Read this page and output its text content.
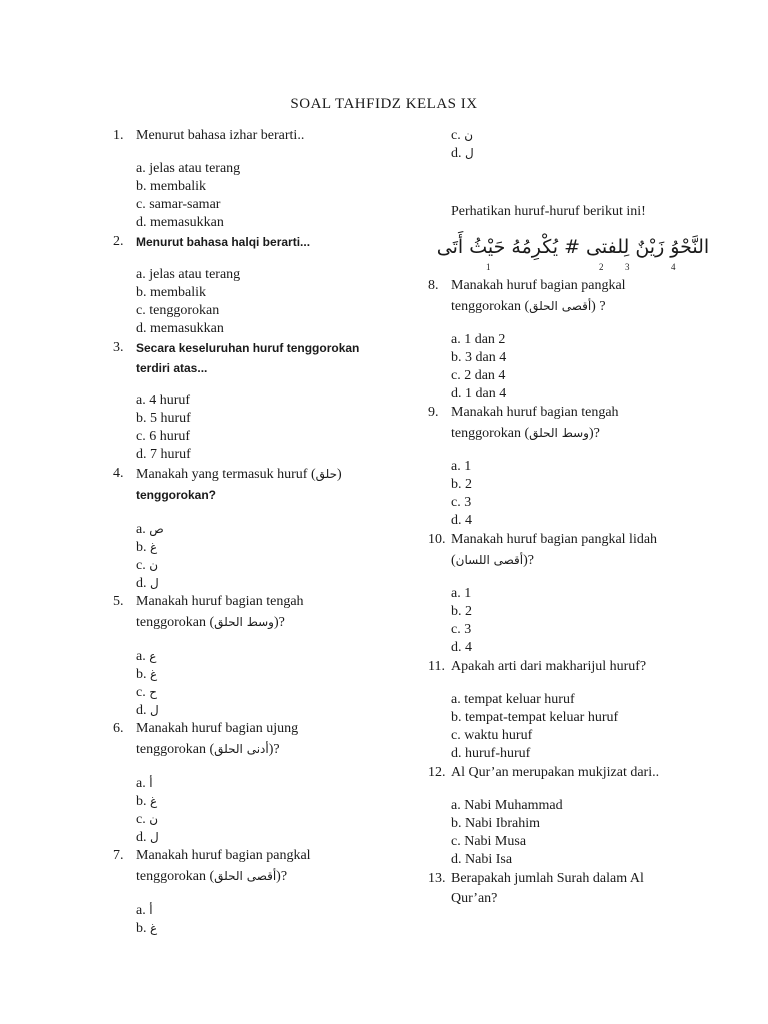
SOAL TAHFIDZ KELAS IX
1. Menurut bahasa izhar berarti..
a. jelas atau terang
b. membalik
c. samar-samar
d. memasukkan
2.	Menurut bahasa halqi berarti...
a. jelas atau terang
b. membalik
c. tenggorokan
d. memasukkan
3.	Secara keseluruhan huruf tenggorokan
terdiri atas...
a. 4 huruf
b. 5 huruf
c. 6 huruf
d. 7 huruf
4. Manakah yang termasuk huruf (حلق)
tenggorokan?
a. ص
b. غ
c. ن
d. ل
5. Manakah huruf bagian tengah
tenggorokan (وسط الحلق)?
a. ع
b. غ
c. ح
d. ل
6. Manakah huruf bagian ujung
tenggorokan (أدنى الحلق)?
a. أ
b. غ
c. ن
d. ل
7. Manakah huruf bagian pangkal
tenggorokan (أقصى الحلق)?
a. أ
b. غ
c. ن
d. ل
Perhatikan huruf-huruf berikut ini!
النَّحْوُ زَيْنٌ لِلفتى # يُكْرِمُهُ حَيْثُ أَتَى
1	2 3	4
8. Manakah huruf bagian pangkal
tenggorokan (أقصى الحلق) ?
a. 1 dan 2
b. 3 dan 4
c. 2 dan 4
d. 1 dan 4
9. Manakah huruf bagian tengah
tenggorokan (وسط الحلق)?
a. 1
b. 2
c. 3
d. 4
10. Manakah huruf bagian pangkal lidah
(أقصى اللسان)?
a. 1
b. 2
c. 3
d. 4
11. Apakah arti dari makharijul huruf?
a. tempat keluar huruf
b. tempat-tempat keluar huruf
c. waktu huruf
d. huruf-huruf
12. Al Qur’an merupakan mukjizat dari..
a. Nabi Muhammad
b. Nabi Ibrahim
c. Nabi Musa
d. Nabi Isa
13. Berapakah jumlah Surah dalam Al
Qur’an?
